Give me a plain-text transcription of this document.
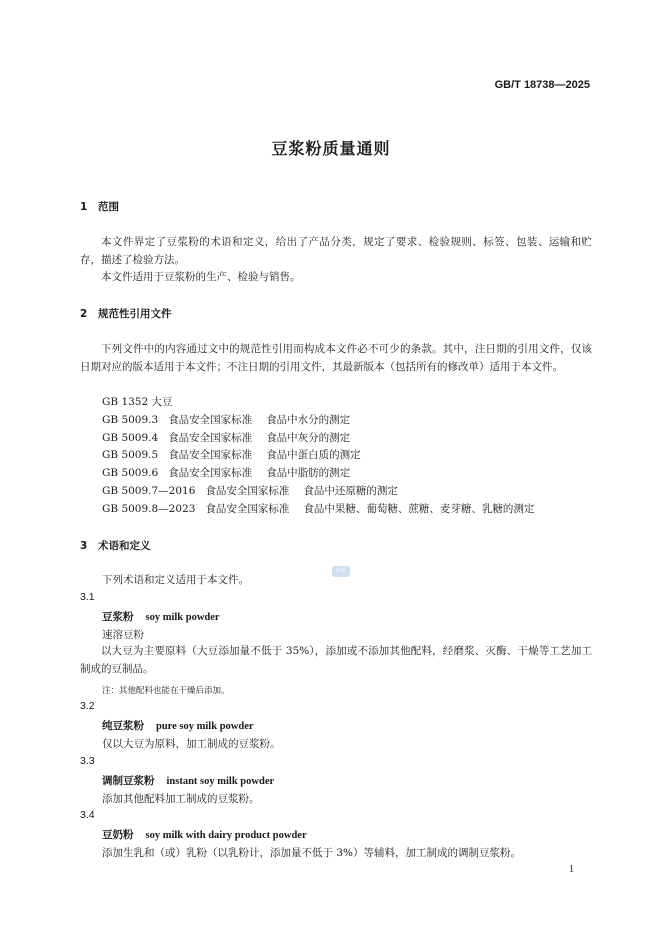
GB/T 18738—2025
豆浆粉质量通则
1 范围
本文件界定了豆浆粉的术语和定义，给出了产品分类，规定了要求、检验规则、标签、包装、运输和贮存，描述了检验方法。
本文件适用于豆浆粉的生产、检验与销售。
2 规范性引用文件
下列文件中的内容通过文中的规范性引用而构成本文件必不可少的条款。其中，注日期的引用文件，仅该日期对应的版本适用于本文件；不注日期的引用文件，其最新版本（包括所有的修改单）适用于本文件。
GB 1352 大豆
GB 5009.3 食品安全国家标准 食品中水分的测定
GB 5009.4 食品安全国家标准 食品中灰分的测定
GB 5009.5 食品安全国家标准 食品中蛋白质的测定
GB 5009.6 食品安全国家标准 食品中脂肪的测定
GB 5009.7—2016 食品安全国家标准 食品中还原糖的测定
GB 5009.8—2023 食品安全国家标准 食品中果糖、葡萄糖、蔗糖、麦芽糖、乳糖的测定
3 术语和定义
下列术语和定义适用于本文件。
标准
3.1
豆浆粉 soy milk powder
速溶豆粉
以大豆为主要原料（大豆添加量不低于 35%），添加或不添加其他配料，经磨浆、灭酶、干燥等工艺加工制成的豆制品。
注：其他配料也能在干燥后添加。
3.2
纯豆浆粉 pure soy milk powder
仅以大豆为原料，加工制成的豆浆粉。
3.3
调制豆浆粉 instant soy milk powder
添加其他配料加工制成的豆浆粉。
3.4
豆奶粉 soy milk with dairy product powder
添加生乳和（或）乳粉（以乳粉计，添加量不低于 3%）等辅料，加工制成的调制豆浆粉。
1
